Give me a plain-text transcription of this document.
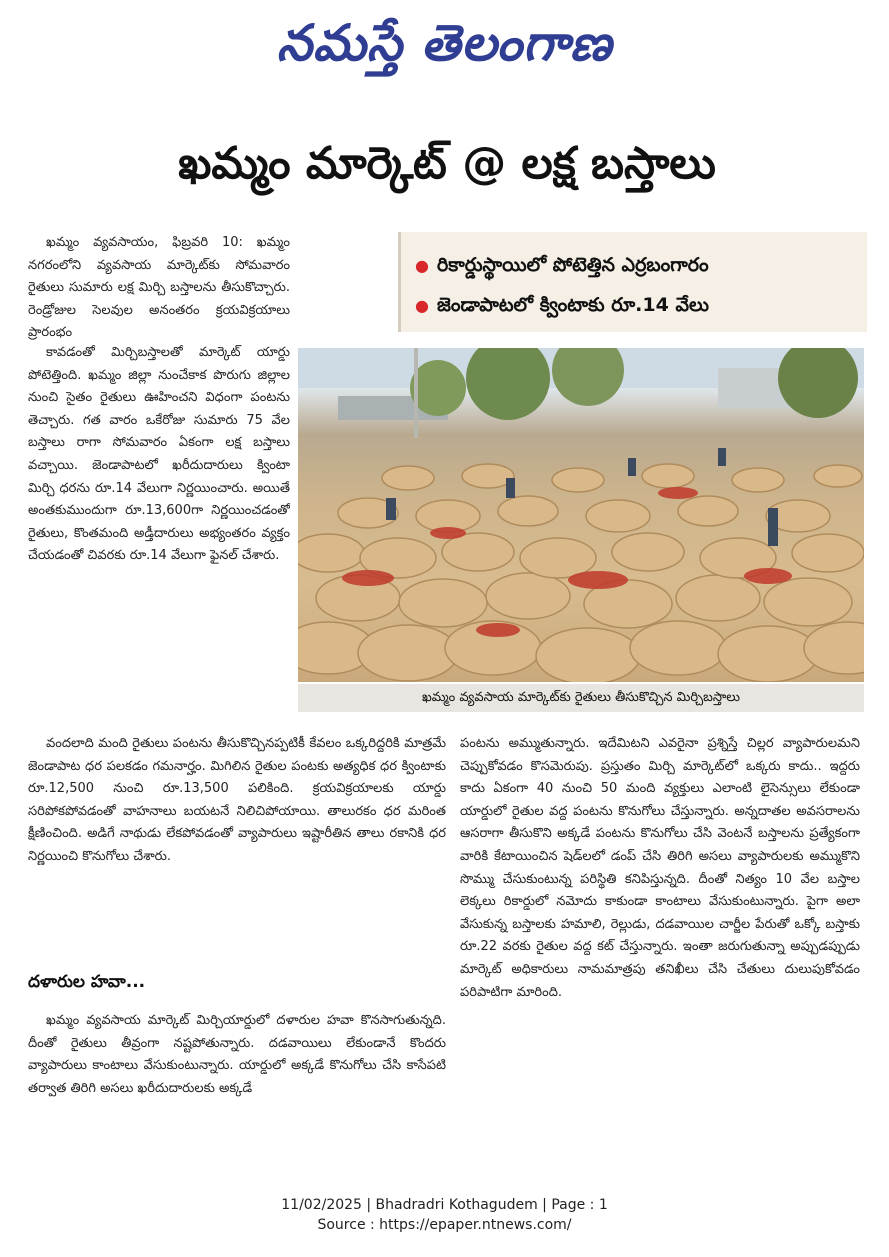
నమస్తే తెలంగాణ
ఖమ్మం మార్కెట్ @ లక్ష బస్తాలు

ఖమ్మం వ్యవసాయం, ఫిబ్రవరి 10: ఖమ్మం నగరంలోని వ్యవసాయ మార్కెట్‌కు సోమవారం రైతులు సుమారు లక్ష మిర్చి బస్తాలను తీసుకొచ్చారు. రెండ్రోజుల సెలవుల అనంతరం క్రయవిక్రయాలు ప్రారంభం

● రికార్డుస్థాయిలో పోటెత్తిన ఎర్రబంగారం
● జెండాపాటలో క్వింటాకు రూ.14 వేలు

కావడంతో మిర్చిబస్తాలతో మార్కెట్ యార్డు పోటెత్తింది. ఖమ్మం జిల్లా నుంచేకాక పొరుగు జిల్లాల నుంచి సైతం రైతులు ఊహించని విధంగా పంటను తెచ్చారు. గత వారం ఒకేరోజు సుమారు 75 వేల బస్తాలు రాగా సోమవారం ఏకంగా లక్ష బస్తాలు వచ్చాయి. జెండాపాటలో ఖరీదుదారులు క్వింటా మిర్చి ధరను రూ.14 వేలుగా నిర్ణయించారు. అయితే అంతకుముందుగా రూ.13,600గా నిర్ణయించడంతో రైతులు, కొంతమంది అడ్తీదారులు అభ్యంతరం వ్యక్తం చేయడంతో చివరకు రూ.14 వేలుగా ఫైనల్ చేశారు.

ఖమ్మం వ్యవసాయ మార్కెట్‌కు రైతులు తీసుకొచ్చిన మిర్చిబస్తాలు

వందలాది మంది రైతులు పంటను తీసుకొచ్చినప్పటికీ కేవలం ఒక్కరిద్దరికి మాత్రమే జెండాపాట ధర పలకడం గమనార్హం. మిగిలిన రైతుల పంటకు అత్యధిక ధర క్వింటాకు రూ.12,500 నుంచి రూ.13,500 పలికింది. క్రయవిక్రయాలకు యార్డు సరిపోకపోవడంతో వాహనాలు బయటనే నిలిచిపోయాయి. తాలురకం ధర మరింత క్షీణించింది. అడిగే నాథుడు లేకపోవడంతో వ్యాపారులు ఇష్టారీతిన తాలు రకానికి ధర నిర్ణయించి కొనుగోలు చేశారు.

దళారుల హవా...

ఖమ్మం వ్యవసాయ మార్కెట్ మిర్చియార్డులో దళారుల హవా కొనసాగుతున్నది. దీంతో రైతులు తీవ్రంగా నష్టపోతున్నారు. దడవాయిలు లేకుండానే కొందరు వ్యాపారులు కాంటాలు వేసుకుంటున్నారు. యార్డులో అక్కడే కొనుగోలు చేసి కాసేపటి తర్వాత తిరిగి అసలు ఖరీదుదారులకు అక్కడే

పంటను అమ్ముతున్నారు. ఇదేమిటని ఎవరైనా ప్రశ్నిస్తే చిల్లర వ్యాపారులమని చెప్పుకోవడం కొసమెరుపు. ప్రస్తుతం మిర్చి మార్కెట్‌లో ఒక్కరు కాదు.. ఇద్దరు కాదు ఏకంగా 40 నుంచి 50 మంది వ్యక్తులు ఎలాంటి లైసెన్సులు లేకుండా యార్డులో రైతుల వద్ద పంటను కొనుగోలు చేస్తున్నారు. అన్నదాతల అవసరాలను ఆసరాగా తీసుకొని అక్కడే పంటను కొనుగోలు చేసి వెంటనే బస్తాలను ప్రత్యేకంగా వారికి కేటాయించిన షెడ్‌లలో డంప్ చేసి తిరిగి అసలు వ్యాపారులకు అమ్ముకొని సొమ్ము చేసుకుంటున్న పరిస్థితి కనిపిస్తున్నది. దీంతో నిత్యం 10 వేల బస్తాల లెక్కలు రికార్డులో నమోదు కాకుండా కాంటాలు వేసుకుంటున్నారు. పైగా అలా వేసుకున్న బస్తాలకు హమాలి, రెల్లుడు, దడవాయిల చార్జీల పేరుతో ఒక్కో బస్తాకు రూ.22 వరకు రైతుల వద్ద కట్ చేస్తున్నారు. ఇంతా జరుగుతున్నా అప్పుడప్పుడు మార్కెట్ అధికారులు నామమాత్రపు తనిఖీలు చేసి చేతులు దులుపుకోవడం పరిపాటిగా మారింది.

11/02/2025 | Bhadradri Kothagudem | Page : 1
Source : https://epaper.ntnews.com/
